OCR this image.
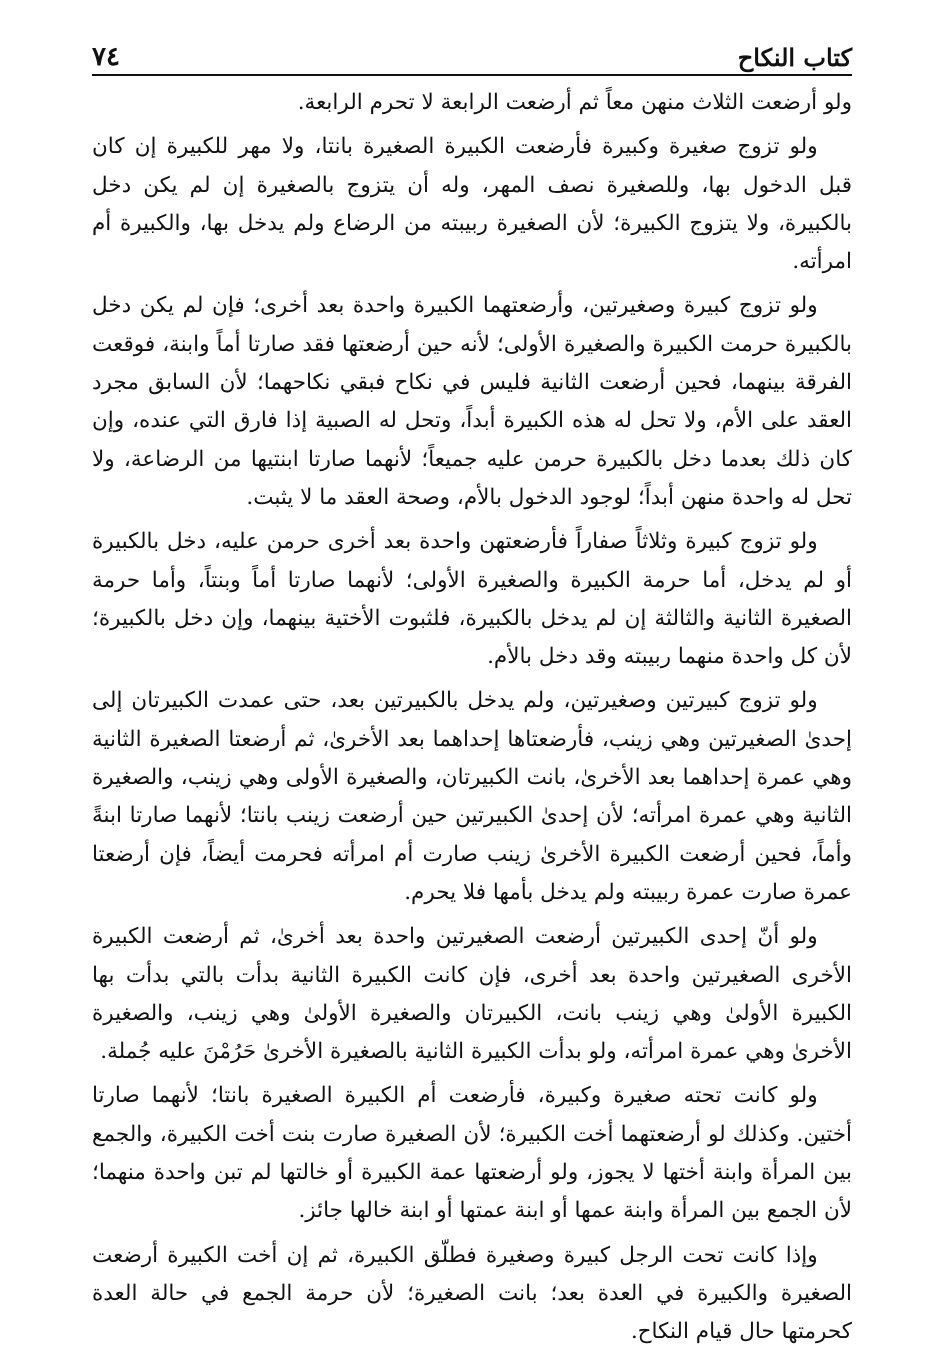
كتاب النكاح
٧٤

ولو أرضعت الثلاث منهن معاً ثم أرضعت الرابعة لا تحرم الرابعة.

ولو تزوج صغيرة وكبيرة فأرضعت الكبيرة الصغيرة بانتا، ولا مهر للكبيرة إن كان قبل الدخول بها، وللصغيرة نصف المهر، وله أن يتزوج بالصغيرة إن لم يكن دخل بالكبيرة، ولا يتزوج الكبيرة؛ لأن الصغيرة ربيبته من الرضاع ولم يدخل بها، والكبيرة أم امرأته.

ولو تزوج كبيرة وصغيرتين، وأرضعتهما الكبيرة واحدة بعد أخرى؛ فإن لم يكن دخل بالكبيرة حرمت الكبيرة والصغيرة الأولى؛ لأنه حين أرضعتها فقد صارتا أماً وابنة، فوقعت الفرقة بينهما، فحين أرضعت الثانية فليس في نكاح فبقي نكاحهما؛ لأن السابق مجرد العقد على الأم، ولا تحل له هذه الكبيرة أبداً، وتحل له الصبية إذا فارق التي عنده، وإن كان ذلك بعدما دخل بالكبيرة حرمن عليه جميعاً؛ لأنهما صارتا ابنتيها من الرضاعة، ولا تحل له واحدة منهن أبداً؛ لوجود الدخول بالأم، وصحة العقد ما لا يثبت.

ولو تزوج كبيرة وثلاثاً صفاراً فأرضعتهن واحدة بعد أخرى حرمن عليه، دخل بالكبيرة أو لم يدخل، أما حرمة الكبيرة والصغيرة الأولى؛ لأنهما صارتا أماً وبنتاً، وأما حرمة الصغيرة الثانية والثالثة إن لم يدخل بالكبيرة، فلثبوت الأختية بينهما، وإن دخل بالكبيرة؛ لأن كل واحدة منهما ربيبته وقد دخل بالأم.

ولو تزوج كبيرتين وصغيرتين، ولم يدخل بالكبيرتين بعد، حتى عمدت الكبيرتان إلى إحدىٰ الصغيرتين وهي زينب، فأرضعتاها إحداهما بعد الأخرىٰ، ثم أرضعتا الصغيرة الثانية وهي عمرة إحداهما بعد الأخرىٰ، بانت الكبيرتان، والصغيرة الأولى وهي زينب، والصغيرة الثانية وهي عمرة امرأته؛ لأن إحدىٰ الكبيرتين حين أرضعت زينب بانتا؛ لأنهما صارتا ابنةً وأماً، فحين أرضعت الكبيرة الأخرىٰ زينب صارت أم امرأته فحرمت أيضاً، فإن أرضعتا عمرة صارت عمرة ربيبته ولم يدخل بأمها فلا يحرم.

ولو أنّ إحدى الكبيرتين أرضعت الصغيرتين واحدة بعد أخرىٰ، ثم أرضعت الكبيرة الأخرى الصغيرتين واحدة بعد أخرى، فإن كانت الكبيرة الثانية بدأت بالتي بدأت بها الكبيرة الأولىٰ وهي زينب بانت، الكبيرتان والصغيرة الأولىٰ وهي زينب، والصغيرة الأخرىٰ وهي عمرة امرأته، ولو بدأت الكبيرة الثانية بالصغيرة الأخرىٰ حَرُمْنَ عليه جُملة.

ولو كانت تحته صغيرة وكبيرة، فأرضعت أم الكبيرة الصغيرة بانتا؛ لأنهما صارتا أختين. وكذلك لو أرضعتهما أخت الكبيرة؛ لأن الصغيرة صارت بنت أخت الكبيرة، والجمع بين المرأة وابنة أختها لا يجوز، ولو أرضعتها عمة الكبيرة أو خالتها لم تبن واحدة منهما؛ لأن الجمع بين المرأة وابنة عمها أو ابنة عمتها أو ابنة خالها جائز.

وإذا كانت تحت الرجل كبيرة وصغيرة فطلّق الكبيرة، ثم إن أخت الكبيرة أرضعت الصغيرة والكبيرة في العدة بعد؛ بانت الصغيرة؛ لأن حرمة الجمع في حالة العدة كحرمتها حال قيام النكاح.
